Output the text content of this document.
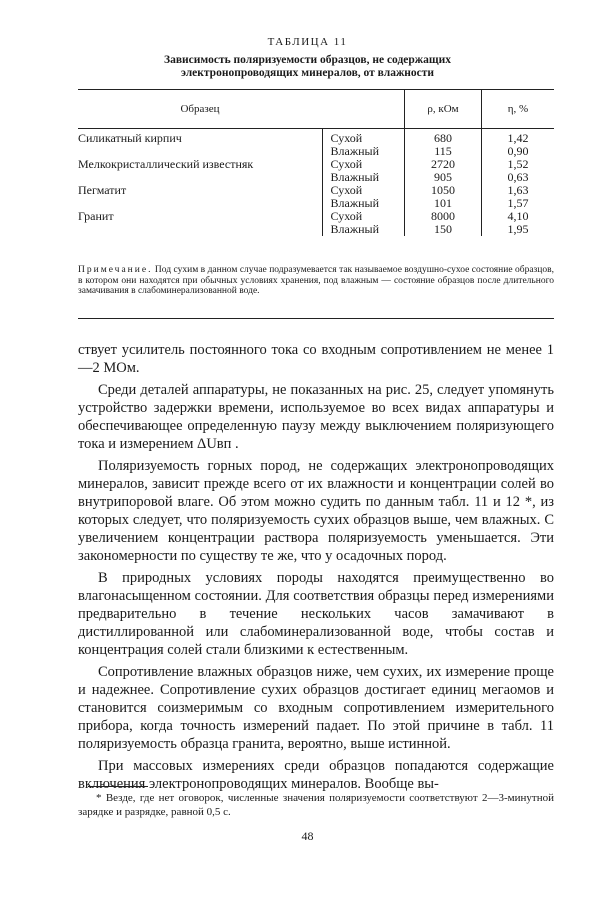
ТАБЛИЦА 11
Зависимость поляризуемости образцов, не содержащих электронопроводящих минералов, от влажности
Образец		ρ, кОм	η, %
Силикатный кирпич	Сухой	680	1,42
	Влажный	115	0,90
Мелкокристаллический известняк	Сухой	2720	1,52
	Влажный	905	0,63
Пегматит	Сухой	1050	1,63
	Влажный	101	1,57
Гранит	Сухой	8000	4,10
	Влажный	150	1,95
Примечание. Под сухим в данном случае подразумевается так называемое воздушно-сухое состояние образцов, в котором они находятся при обычных условиях хранения, под влажным — состояние образцов после длительного замачивания в слабоминерализованной воде.

ствует усилитель постоянного тока со входным сопротивлением не менее 1—2 МОм.

Среди деталей аппаратуры, не показанных на рис. 25, следует упомянуть устройство задержки времени, используемое во всех видах аппаратуры и обеспечивающее определенную паузу между выключением поляризующего тока и измерением ΔUвп .

Поляризуемость горных пород, не содержащих электронопроводящих минералов, зависит прежде всего от их влажности и концентрации солей во внутрипоровой влаге. Об этом можно судить по данным табл. 11 и 12 *, из которых следует, что поляризуемость сухих образцов выше, чем влажных. С увеличением концентрации раствора поляризуемость уменьшается. Эти закономерности по существу те же, что у осадочных пород.

В природных условиях породы находятся преимущественно во влагонасыщенном состоянии. Для соответствия образцы перед измерениями предварительно в течение нескольких часов замачивают в дистиллированной или слабоминерализованной воде, чтобы состав и концентрация солей стали близкими к естественным.

Сопротивление влажных образцов ниже, чем сухих, их измерение проще и надежнее. Сопротивление сухих образцов достигает единиц мегаомов и становится соизмеримым со входным сопротивлением измерительного прибора, когда точность измерений падает. По этой причине в табл. 11 поляризуемость образца гранита, вероятно, выше истинной.

При массовых измерениях среди образцов попадаются содержащие включения электронопроводящих минералов. Вообще вы-

* Везде, где нет оговорок, численные значения поляризуемости соответствуют 2—3-минутной зарядке и разрядке, равной 0,5 с.
48
